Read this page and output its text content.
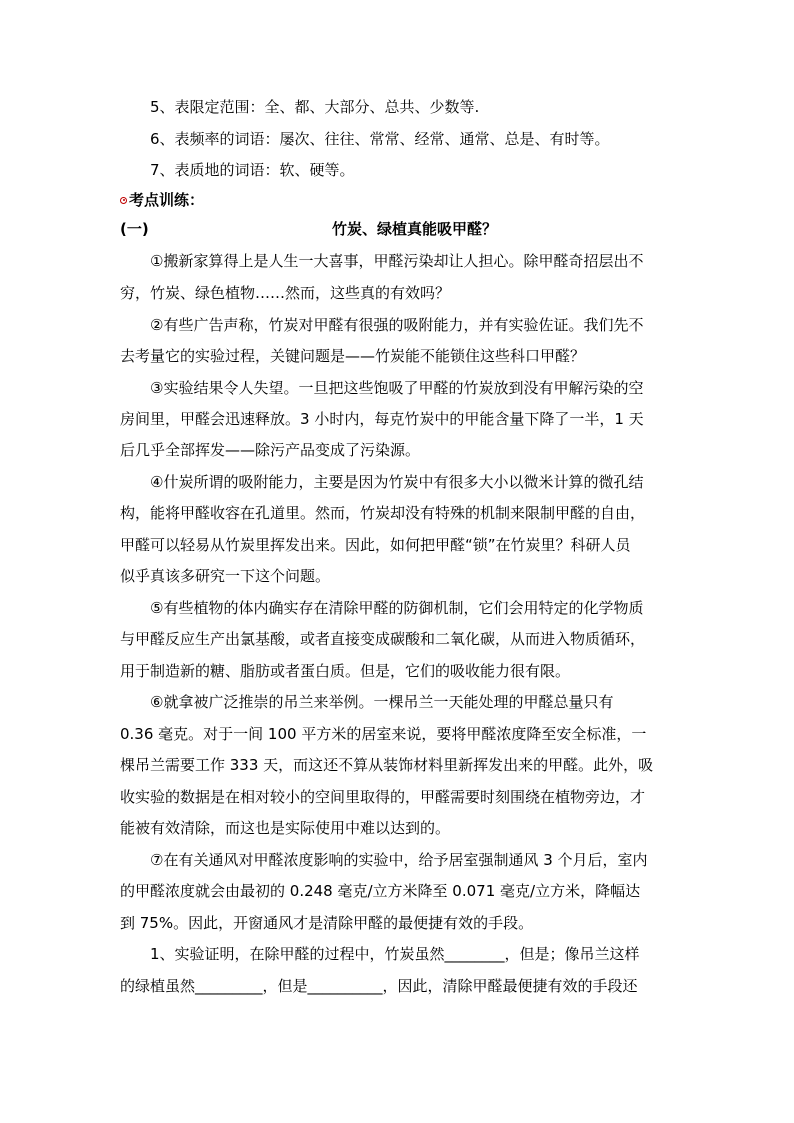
5、表限定范围：全、都、大部分、总共、少数等.
6、表频率的词语：屡次、往往、常常、经常、通常、总是、有时等。
7、表质地的词语：软、硬等。
考点训练：
(一)	竹炭、绿植真能吸甲醛？
①搬新家算得上是人生一大喜事，甲醛污染却让人担心。除甲醛奇招层出不
穷，竹炭、绿色植物……然而，这些真的有效吗？
②有些广告声称，竹炭对甲醛有很强的吸附能力，并有实验佐证。我们先不
去考量它的实验过程，关键问题是——竹炭能不能锁住这些科口甲醛？
③实验结果令人失望。一旦把这些饱吸了甲醛的竹炭放到没有甲解污染的空
房间里，甲醛会迅速释放。3 小时内，每克竹炭中的甲能含量下降了一半，1 天
后几乎全部挥发——除污产品变成了污染源。
④什炭所谓的吸附能力，主要是因为竹炭中有很多大小以微米计算的微孔结
构，能将甲醛收容在孔道里。然而，竹炭却没有特殊的机制来限制甲醛的自由，
甲醛可以轻易从竹炭里挥发出来。因此，如何把甲醛“锁”在竹炭里？科研人员
似乎真该多研究一下这个问题。
⑤有些植物的体内确实存在清除甲醛的防御机制，它们会用特定的化学物质
与甲醛反应生产出氯基酸，或者直接变成碳酸和二氧化碳，从而进入物质循环，
用于制造新的糖、脂肪或者蛋白质。但是，它们的吸收能力很有限。
⑥就拿被广泛推崇的吊兰来举例。一棵吊兰一天能处理的甲醛总量只有
0.36 毫克。对于一间 100 平方米的居室来说，要将甲醛浓度降至安全标准，一
棵吊兰需要工作 333 天，而这还不算从装饰材料里新挥发出来的甲醛。此外，吸
收实验的数据是在相对较小的空间里取得的，甲醛需要时刻围绕在植物旁边，才
能被有效清除，而这也是实际使用中难以达到的。
⑦在有关通风对甲醛浓度影响的实验中，给予居室强制通风 3 个月后，室内
的甲醛浓度就会由最初的 0.248 毫克/立方米降至 0.071 毫克/立方米，降幅达
到 75%。因此，开窗通风才是清除甲醛的最便捷有效的手段。
1、实验证明，在除甲醛的过程中，竹炭虽然________，但是；像吊兰这样
的绿植虽然_________，但是__________，因此，清除甲醛最便捷有效的手段还
